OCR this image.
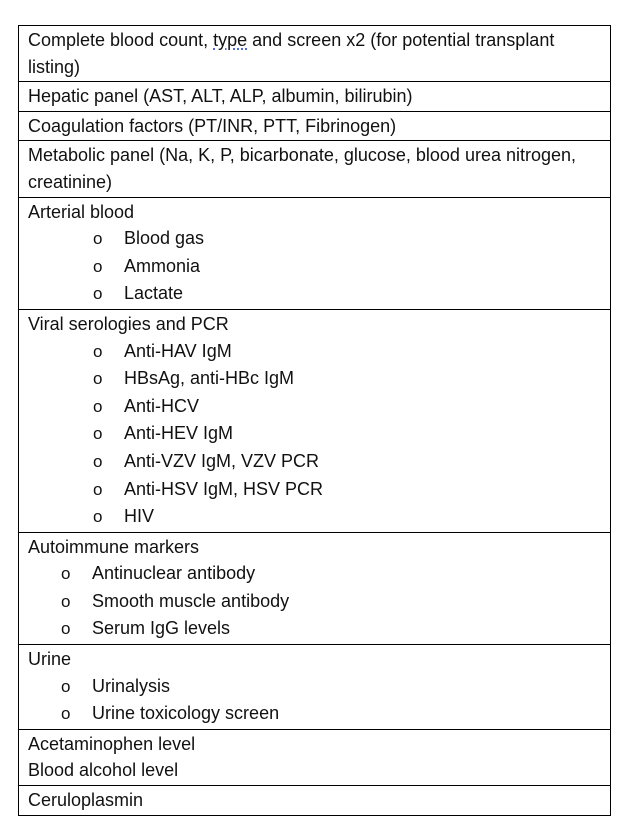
Complete blood count, type and screen x2 (for potential transplant listing)

Hepatic panel (AST, ALT, ALP, albumin, bilirubin)

Coagulation factors (PT/INR, PTT, Fibrinogen)

Metabolic panel (Na, K, P, bicarbonate, glucose, blood urea nitrogen, creatinine)

Arterial blood
o	Blood gas
o	Ammonia
o	Lactate

Viral serologies and PCR
o	Anti-HAV IgM
o	HBsAg, anti-HBc IgM
o	Anti-HCV
o	Anti-HEV IgM
o	Anti-VZV IgM, VZV PCR
o	Anti-HSV IgM, HSV PCR
o	HIV

Autoimmune markers
o	Antinuclear antibody
o	Smooth muscle antibody
o	Serum IgG levels

Urine
o	Urinalysis
o	Urine toxicology screen

Acetaminophen level
Blood alcohol level

Ceruloplasmin
